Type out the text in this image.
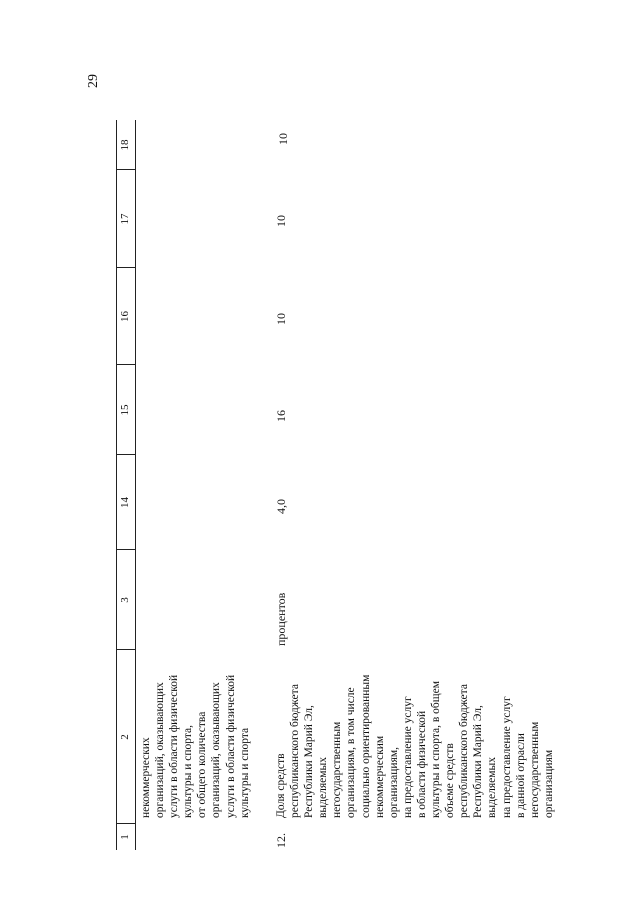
29
1
2
3
14
15
16
17
18
некоммерческих организаций, оказывающих услуги в области физической культуры и спорта, от общего количества организаций, оказывающих услуги в области физической культуры и спорта
10
12.
Доля средств республиканского бюджета Республики Марий Эл, выделяемых негосударственным организациям, в том числе социально ориентированным некоммерческим организациям, на предоставление услуг в области физической культуры и спорта, в общем объеме средств республиканского бюджета Республики Марий Эл, выделяемых на предоставление услуг в данной отрасли негосударственным организациям
процентов
4,0
16
10
10
